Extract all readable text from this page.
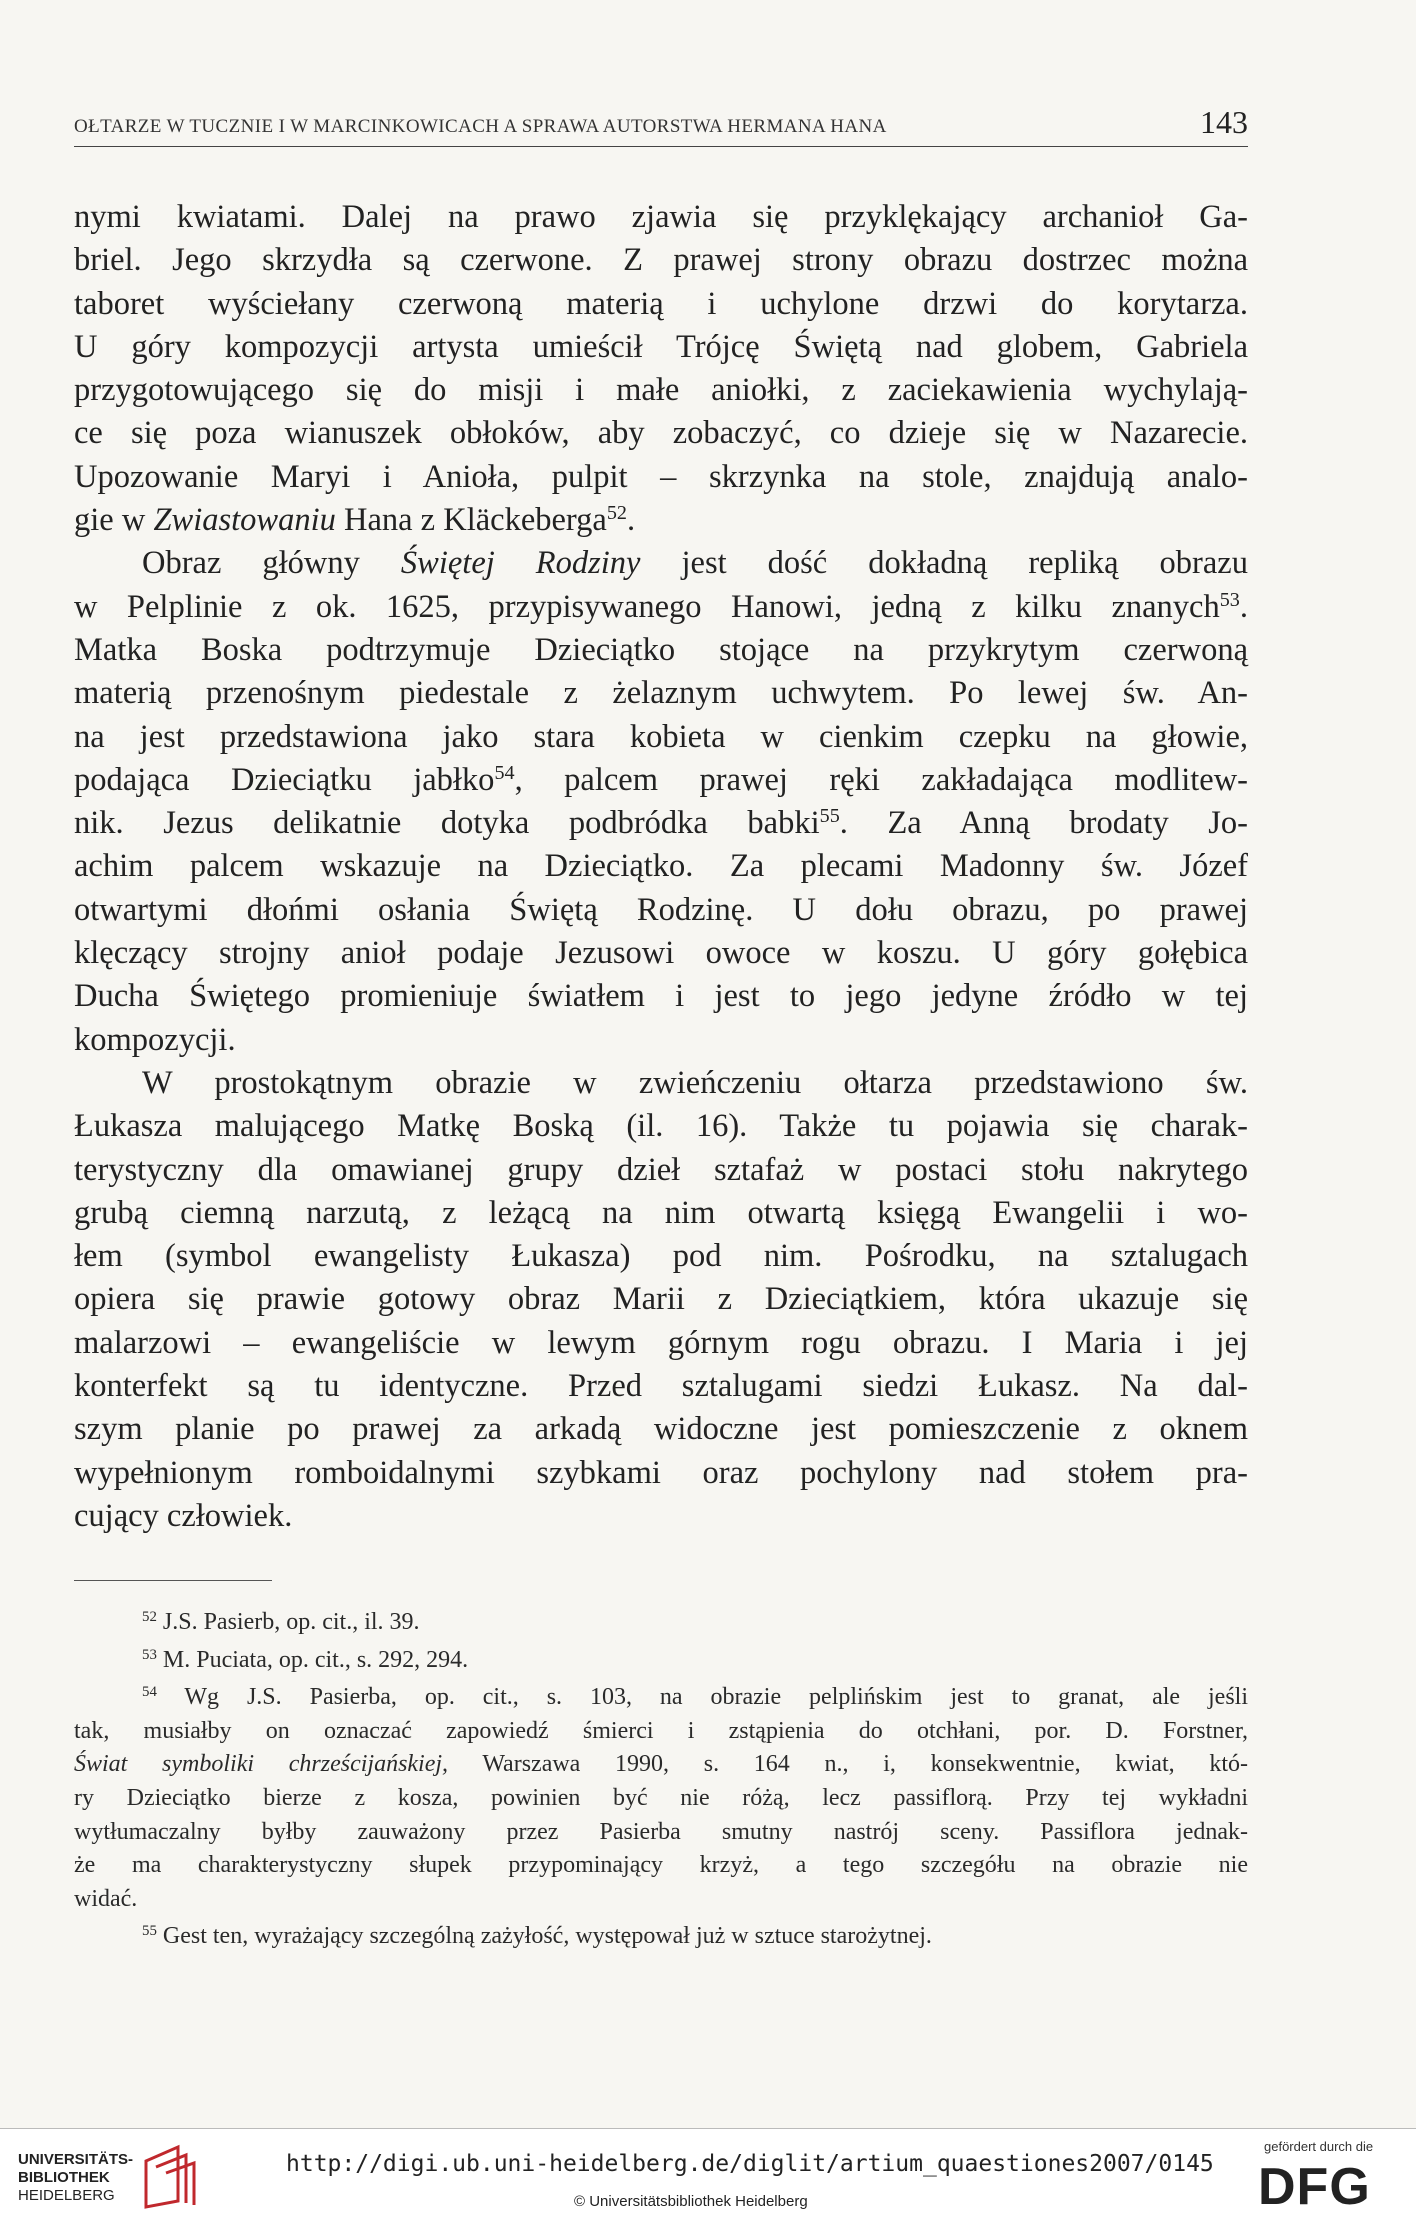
OŁTARZE W TUCZNIE I W MARCINKOWICACH A SPRAWA AUTORSTWA HERMANA HANA	143

nymi kwiatami. Dalej na prawo zjawia się przyklękający archanioł Ga-
briel. Jego skrzydła są czerwone. Z prawej strony obrazu dostrzec można
taboret wyściełany czerwoną materią i uchylone drzwi do korytarza.
U góry kompozycji artysta umieścił Trójcę Świętą nad globem, Gabriela
przygotowującego się do misji i małe aniołki, z zaciekawienia wychylają-
ce się poza wianuszek obłoków, aby zobaczyć, co dzieje się w Nazarecie.
Upozowanie Maryi i Anioła, pulpit – skrzynka na stole, znajdują analo-
gie w Zwiastowaniu Hana z Kläckeberga$^{52}$.

Obraz główny Świętej Rodziny jest dość dokładną repliką obrazu
w Pelplinie z ok. 1625, przypisywanego Hanowi, jedną z kilku znanych$^{53}$.
Matka Boska podtrzymuje Dzieciątko stojące na przykrytym czerwoną
materią przenośnym piedestale z żelaznym uchwytem. Po lewej św. An-
na jest przedstawiona jako stara kobieta w cienkim czepku na głowie,
podająca Dzieciątku jabłko$^{54}$, palcem prawej ręki zakładająca modlitew-
nik. Jezus delikatnie dotyka podbródka babki$^{55}$. Za Anną brodaty Jo-
achim palcem wskazuje na Dzieciątko. Za plecami Madonny św. Józef
otwartymi dłońmi osłania Świętą Rodzinę. U dołu obrazu, po prawej
klęczący strojny anioł podaje Jezusowi owoce w koszu. U góry gołębica
Ducha Świętego promieniuje światłem i jest to jego jedyne źródło w tej
kompozycji.

W prostokątnym obrazie w zwieńczeniu ołtarza przedstawiono św.
Łukasza malującego Matkę Boską (il. 16). Także tu pojawia się charak-
terystyczny dla omawianej grupy dzieł sztafaż w postaci stołu nakrytego
grubą ciemną narzutą, z leżącą na nim otwartą księgą Ewangelii i wo-
łem (symbol ewangelisty Łukasza) pod nim. Pośrodku, na sztalugach
opiera się prawie gotowy obraz Marii z Dzieciątkiem, która ukazuje się
malarzowi – ewangeliście w lewym górnym rogu obrazu. I Maria i jej
konterfekt są tu identyczne. Przed sztalugami siedzi Łukasz. Na dal-
szym planie po prawej za arkadą widoczne jest pomieszczenie z oknem
wypełnionym romboidalnymi szybkami oraz pochylony nad stołem pra-
cujący człowiek.

$^{52}$ J.S. Pasierb, op. cit., il. 39.
$^{53}$ M. Puciata, op. cit., s. 292, 294.
$^{54}$ Wg J.S. Pasierba, op. cit., s. 103, na obrazie pelplińskim jest to granat, ale jeśli
tak, musiałby on oznaczać zapowiedź śmierci i zstąpienia do otchłani, por. D. Forstner,
Świat symboliki chrześcijańskiej, Warszawa 1990, s. 164 n., i, konsekwentnie, kwiat, któ-
ry Dzieciątko bierze z kosza, powinien być nie różą, lecz passiflorą. Przy tej wykładni
wytłumaczalny byłby zauważony przez Pasierba smutny nastrój sceny. Passiflora jednak-
że ma charakterystyczny słupek przypominający krzyż, a tego szczegółu na obrazie nie
widać.
$^{55}$ Gest ten, wyrażający szczególną zażyłość, występował już w sztuce starożytnej.
UNIVERSITÄTS-
BIBLIOTHEK
HEIDELBERG
http://digi.ub.uni-heidelberg.de/diglit/artium_quaestiones2007/0145
© Universitätsbibliothek Heidelberg
gefördert durch die
DFG
